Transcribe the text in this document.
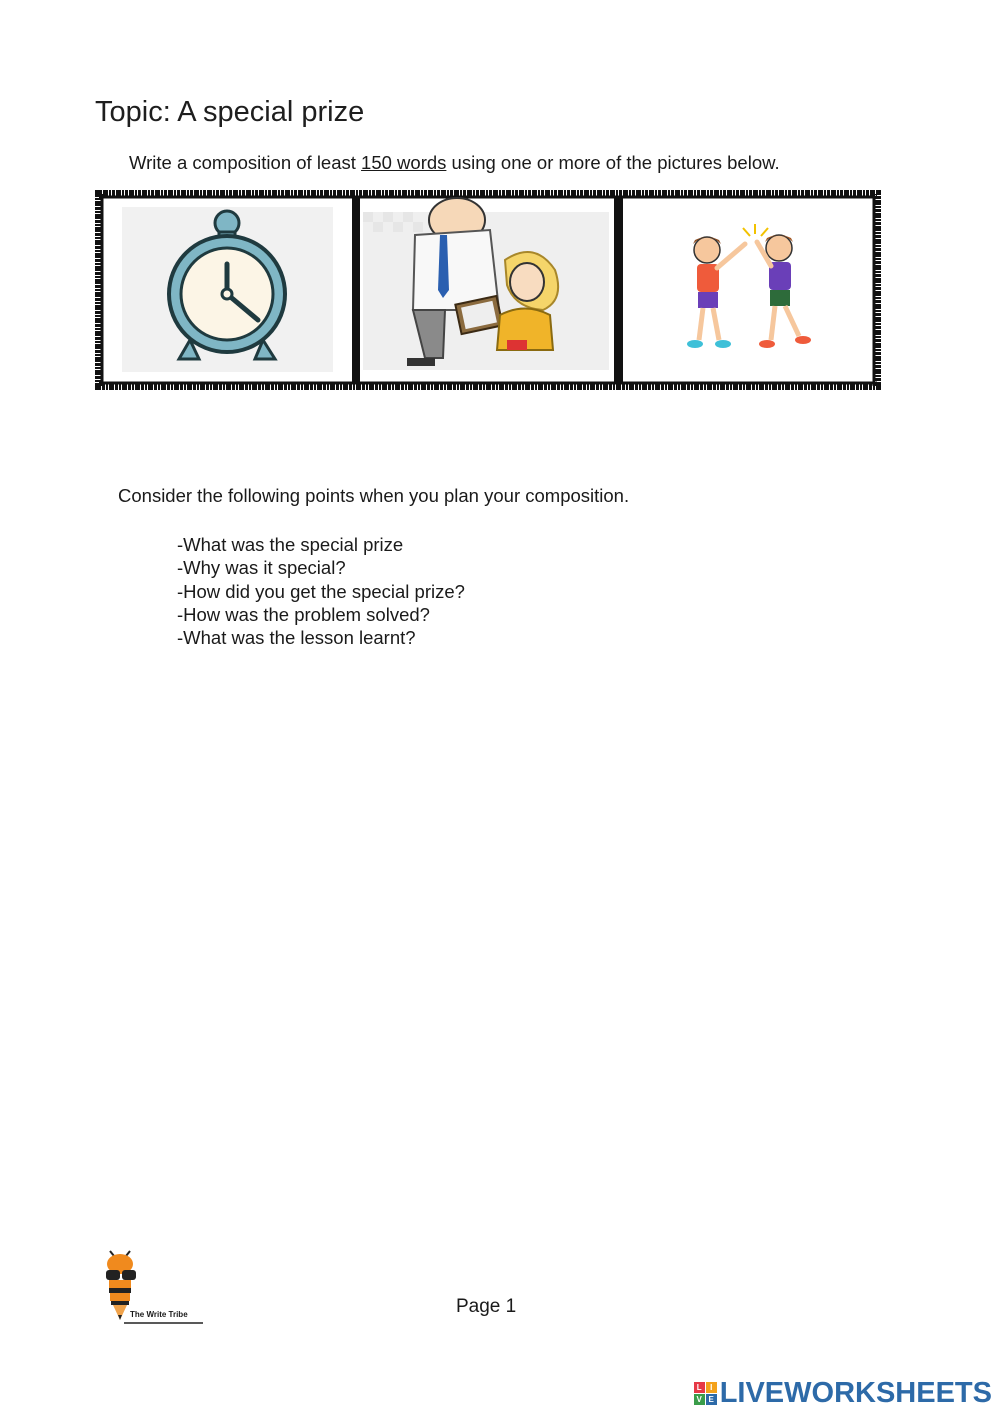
Topic: A special prize
Write a composition of least 150 words using one or more of the pictures below.
Consider the following points when you plan your composition.
-What was the special prize
-Why was it special?
-How did you get the special prize?
-How was the problem solved?
-What was the lesson learnt?
The Write Tribe	Page 1
L	I
V E LIVEWORKSHEETS
